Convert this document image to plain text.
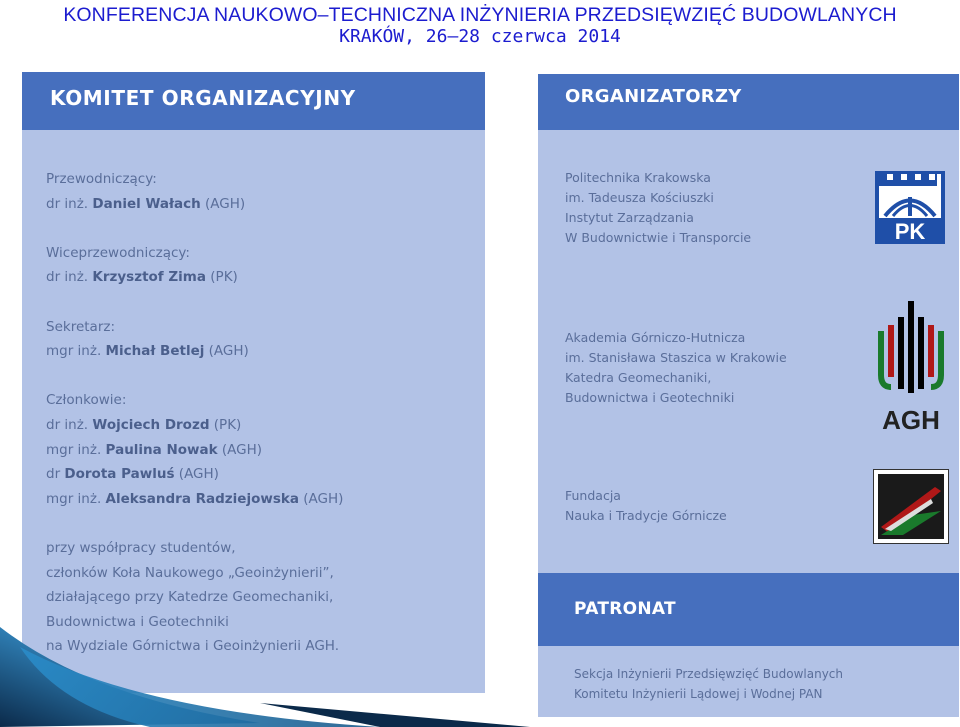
KONFERENCJA NAUKOWO–TECHNICZNA INŻYNIERIA PRZEDSIĘWZIĘĆ BUDOWLANYCH
KRAKÓW, 26–28 czerwca 2014
KOMITET ORGANIZACYJNY
Przewodniczący:
dr inż. Daniel Wałach (AGH)
Wiceprzewodniczący:
dr inż. Krzysztof Zima (PK)
Sekretarz:
mgr inż. Michał Betlej (AGH)
Członkowie:
dr inż. Wojciech Drozd (PK)
mgr inż. Paulina Nowak (AGH)
dr Dorota Pawluś (AGH)
mgr inż. Aleksandra Radziejowska (AGH)
przy współpracy studentów,
członków Koła Naukowego „Geoinżynierii”,
działającego przy Katedrze Geomechaniki,
Budownictwa i Geotechniki
na Wydziale Górnictwa i Geoinżynierii AGH.
ORGANIZATORZY
Politechnika Krakowska
im. Tadeusza Kościuszki
Instytut Zarządzania
W Budownictwie i Transporcie	PK
Akademia Górniczo-Hutnicza
im. Stanisława Staszica w Krakowie
Katedra Geomechaniki,
Budownictwa i Geotechniki
AGH
Fundacja
Nauka i Tradycje Górnicze
PATRONAT
Sekcja Inżynierii Przedsięwzięć Budowlanych
Komitetu Inżynierii Lądowej i Wodnej PAN
